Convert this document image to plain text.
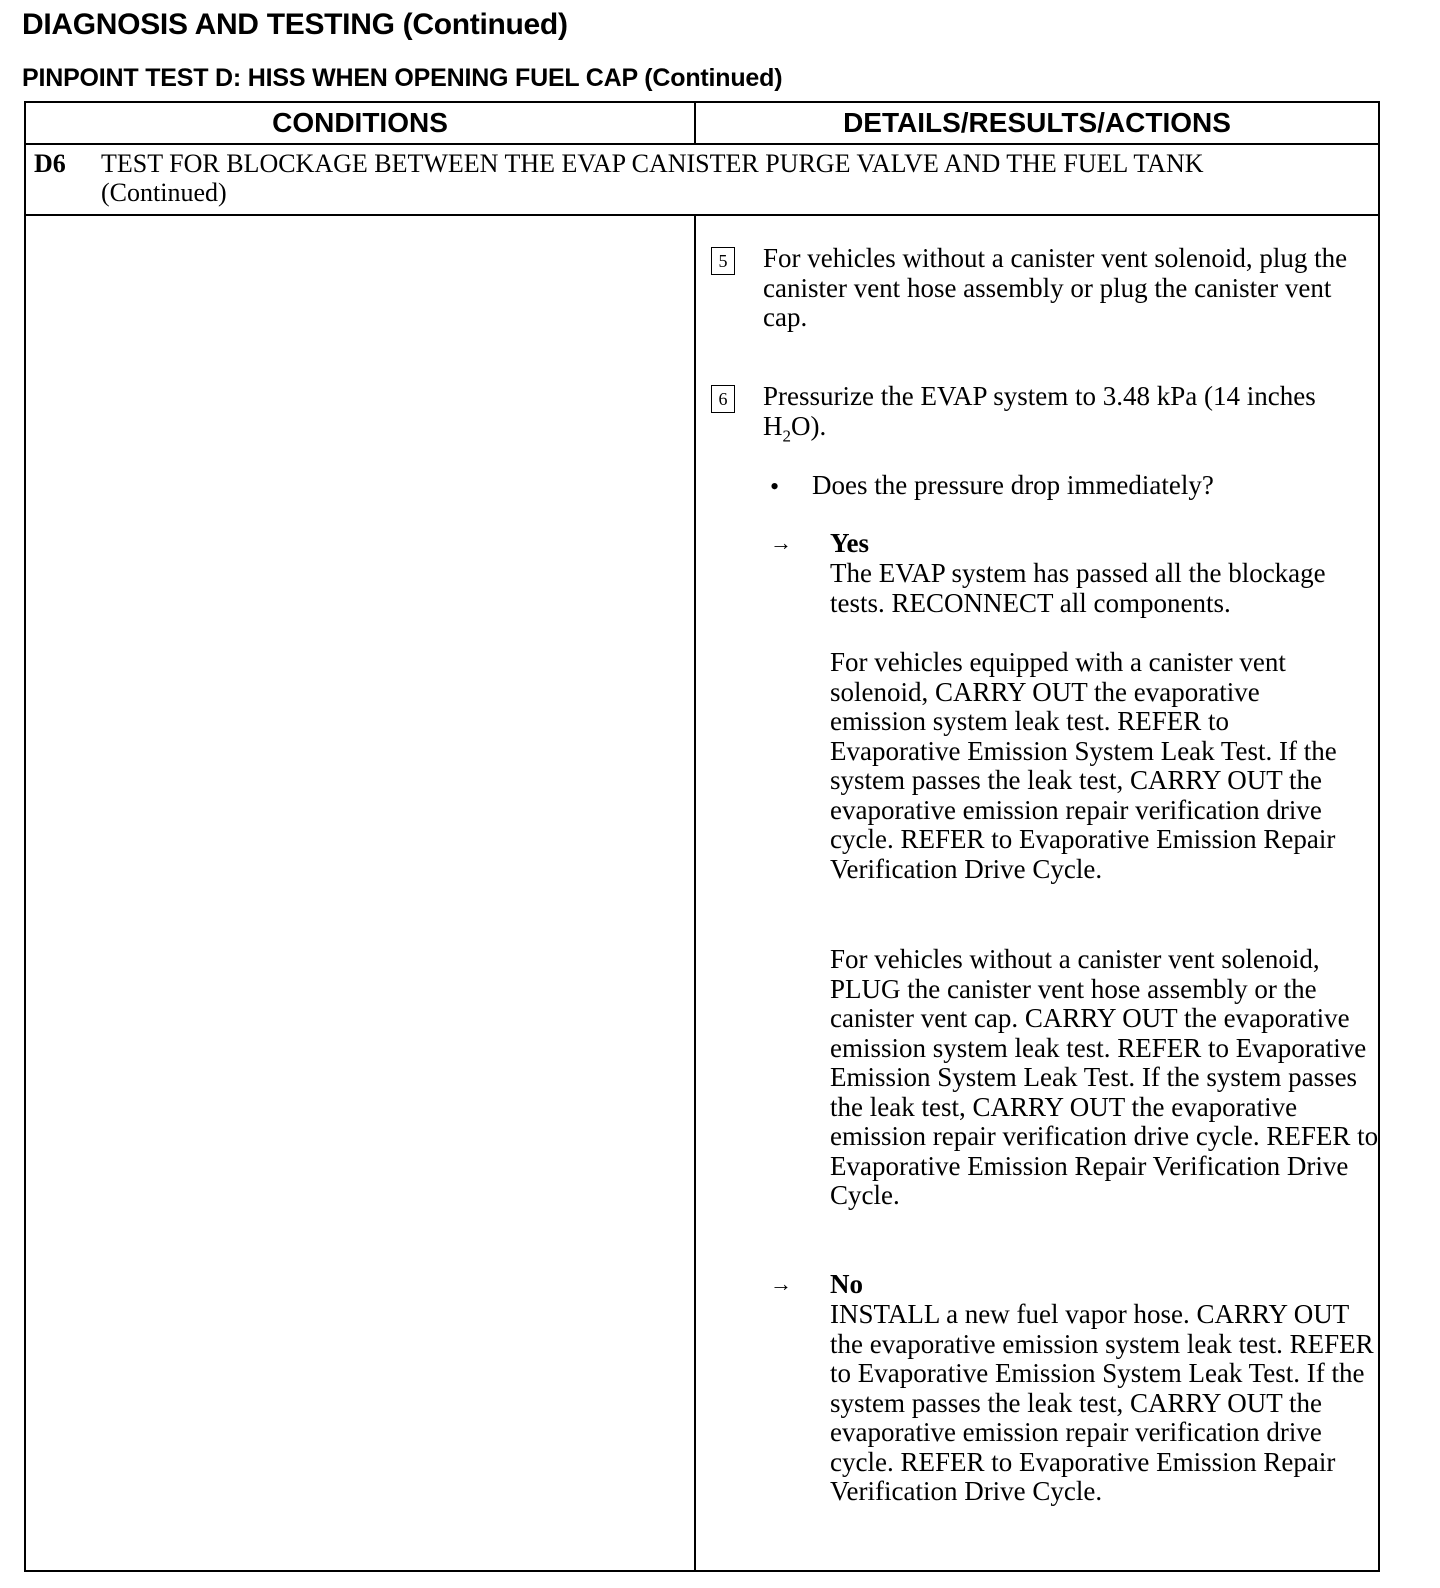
DIAGNOSIS AND TESTING (Continued)
PINPOINT TEST D: HISS WHEN OPENING FUEL CAP (Continued)
CONDITIONS	DETAILS/RESULTS/ACTIONS
D6 TEST FOR BLOCKAGE BETWEEN THE EVAP CANISTER PURGE VALVE AND THE FUEL TANK (Continued)
5 For vehicles without a canister vent solenoid, plug the canister vent hose assembly or plug the canister vent cap.
6 Pressurize the EVAP system to 3.48 kPa (14 inches $H_2O$).
• Does the pressure drop immediately?
→ Yes
The EVAP system has passed all the blockage tests. RECONNECT all components.
For vehicles equipped with a canister vent solenoid, CARRY OUT the evaporative emission system leak test. REFER to Evaporative Emission System Leak Test. If the system passes the leak test, CARRY OUT the evaporative emission repair verification drive cycle. REFER to Evaporative Emission Repair Verification Drive Cycle.
For vehicles without a canister vent solenoid, PLUG the canister vent hose assembly or the canister vent cap. CARRY OUT the evaporative emission system leak test. REFER to Evaporative Emission System Leak Test. If the system passes the leak test, CARRY OUT the evaporative emission repair verification drive cycle. REFER to Evaporative Emission Repair Verification Drive Cycle.
→ No
INSTALL a new fuel vapor hose. CARRY OUT the evaporative emission system leak test. REFER to Evaporative Emission System Leak Test. If the system passes the leak test, CARRY OUT the evaporative emission repair verification drive cycle. REFER to Evaporative Emission Repair Verification Drive Cycle.
